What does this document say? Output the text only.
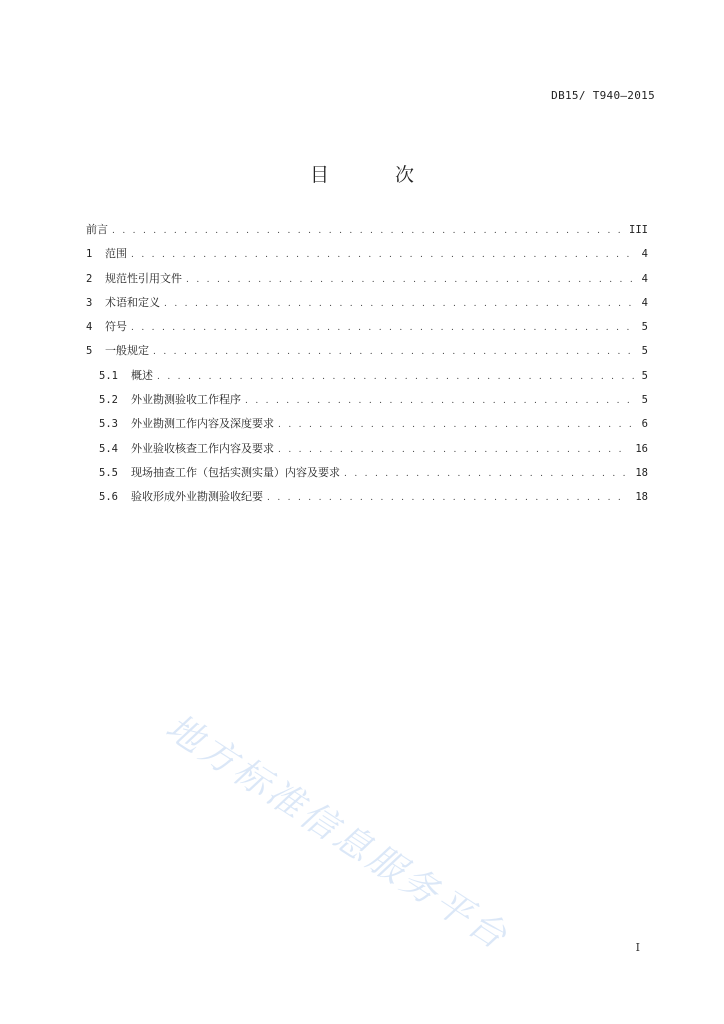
DB15/ T940—2015
目 次
前言 . . .	III
1	范围 . . .	4
2	规范性引用文件 . . .	4
3	术语和定义 . . .	4
4	符号 . . .	5
5	一般规定 . . .	5
5.1	概述 . . .	5
5.2	外业勘测验收工作程序 . . .	5
5.3	外业勘测工作内容及深度要求 . . .	6
5.4	外业验收核查工作内容及要求 . . .	16
5.5	现场抽查工作（包括实测实量）内容及要求 . . .	18
5.6	验收形成外业勘测验收纪要 . . .	18
地方标准信息服务平台	I
